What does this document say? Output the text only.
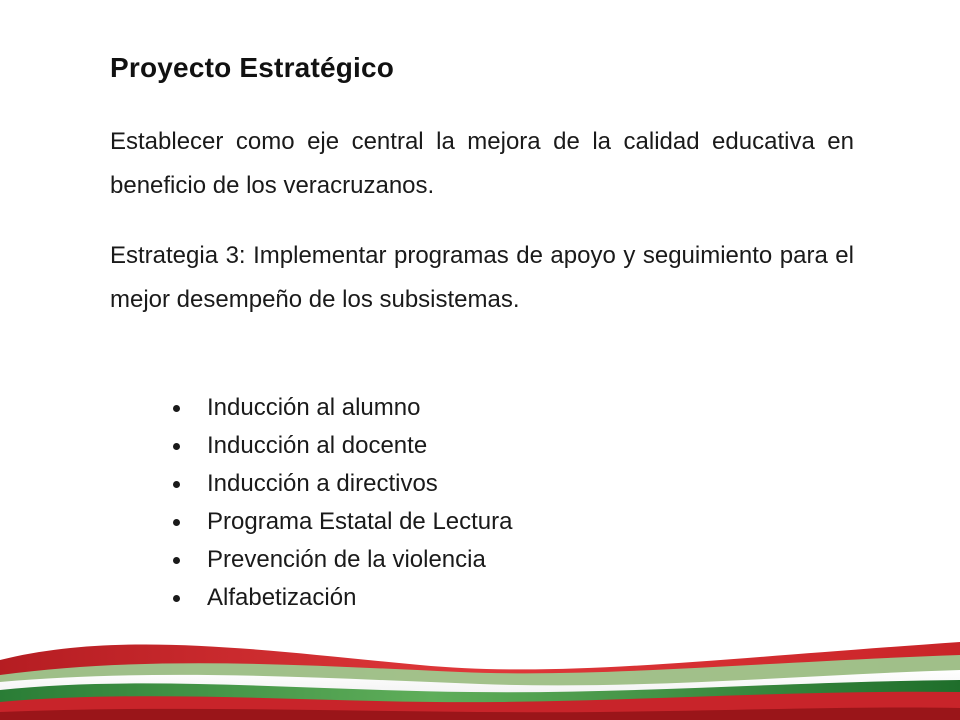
Proyecto Estratégico
Establecer como eje central la mejora de la calidad educativa en beneficio de los veracruzanos.
Estrategia 3: Implementar programas de apoyo y seguimiento para el mejor desempeño de los subsistemas.
Inducción al alumno
Inducción al docente
Inducción a directivos
Programa Estatal de Lectura
Prevención de la violencia
Alfabetización
